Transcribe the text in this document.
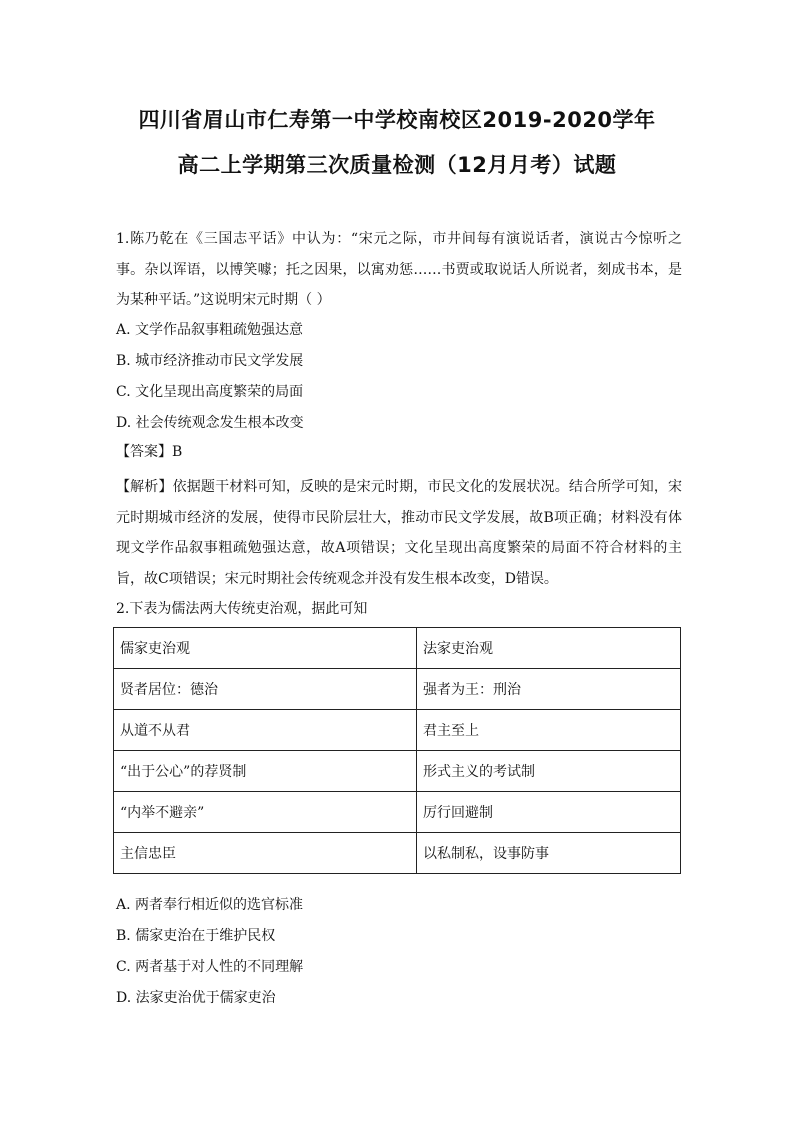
四川省眉山市仁寿第一中学校南校区2019-2020学年
高二上学期第三次质量检测（12月月考）试题
1.陈乃乾在《三国志平话》中认为：“宋元之际，市井间每有演说话者，演说古今惊听之事。杂以诨语，以博笑噱；托之因果，以寓劝惩……书贾或取说话人所说者，刻成书本，是为某种平话。”这说明宋元时期（ ）
A. 文学作品叙事粗疏勉强达意
B. 城市经济推动市民文学发展
C. 文化呈现出高度繁荣的局面
D. 社会传统观念发生根本改变
【答案】B
【解析】依据题干材料可知，反映的是宋元时期，市民文化的发展状况。结合所学可知，宋元时期城市经济的发展，使得市民阶层壮大，推动市民文学发展，故B项正确；材料没有体现文学作品叙事粗疏勉强达意，故A项错误；文化呈现出高度繁荣的局面不符合材料的主旨，故C项错误；宋元时期社会传统观念并没有发生根本改变，D错误。
2.下表为儒法两大传统吏治观，据此可知
儒家吏治观	法家吏治观
贤者居位：德治	强者为王：刑治
从道不从君	君主至上
“出于公心”的荐贤制	形式主义的考试制
“内举不避亲”	厉行回避制
主信忠臣	以私制私，设事防事
A. 两者奉行相近似的选官标准
B. 儒家吏治在于维护民权
C. 两者基于对人性的不同理解
D. 法家吏治优于儒家吏治
